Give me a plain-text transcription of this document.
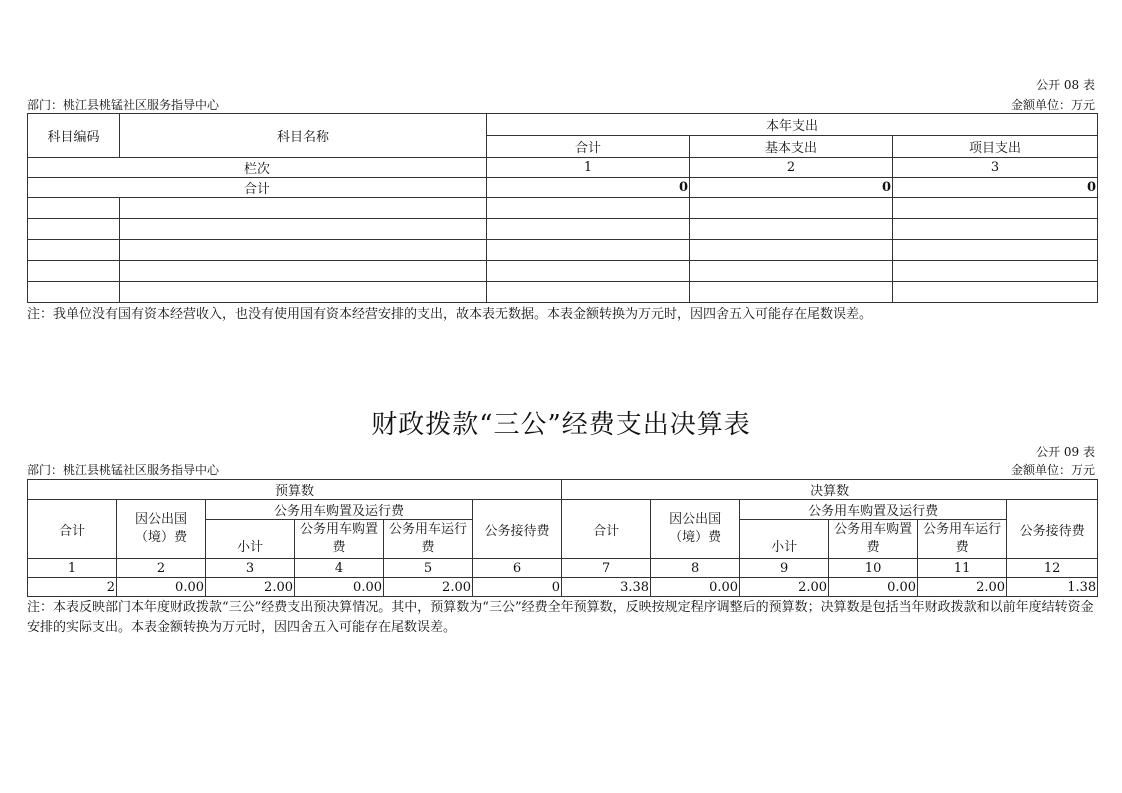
公开 08 表
部门：桃江县桃锰社区服务指导中心	金额单位：万元
科目编码	科目名称	本年支出		
		合计	基本支出	项目支出
栏次		1	2	3
合计		0	0	0

注：我单位没有国有资本经营收入，也没有使用国有资本经营安排的支出，故本表无数据。本表金额转换为万元时，因四舍五入可能存在尾数误差。
财政拨款“三公”经费支出决算表
公开 09 表
部门：桃江县桃锰社区服务指导中心	金额单位：万元
预算数						决算数					
合计	因公出国（境）费	公务用车购置及运行费			公务接待费	合计	因公出国（境）费	公务用车购置及运行费			公务接待费
		小计	公务用车购置费	公务用车运行费				小计	公务用车购置费	公务用车运行费	
1	2	3	4	5	6	7	8	9	10	11	12
2	0.00	2.00	0.00	2.00	0	3.38	0.00	2.00	0.00	2.00	1.38
注：本表反映部门本年度财政拨款“三公”经费支出预决算情况。其中，预算数为“三公”经费全年预算数，反映按规定程序调整后的预算数；决算数是包括当年财政拨款和以前年度结转资金安排的实际支出。本表金额转换为万元时，因四舍五入可能存在尾数误差。
